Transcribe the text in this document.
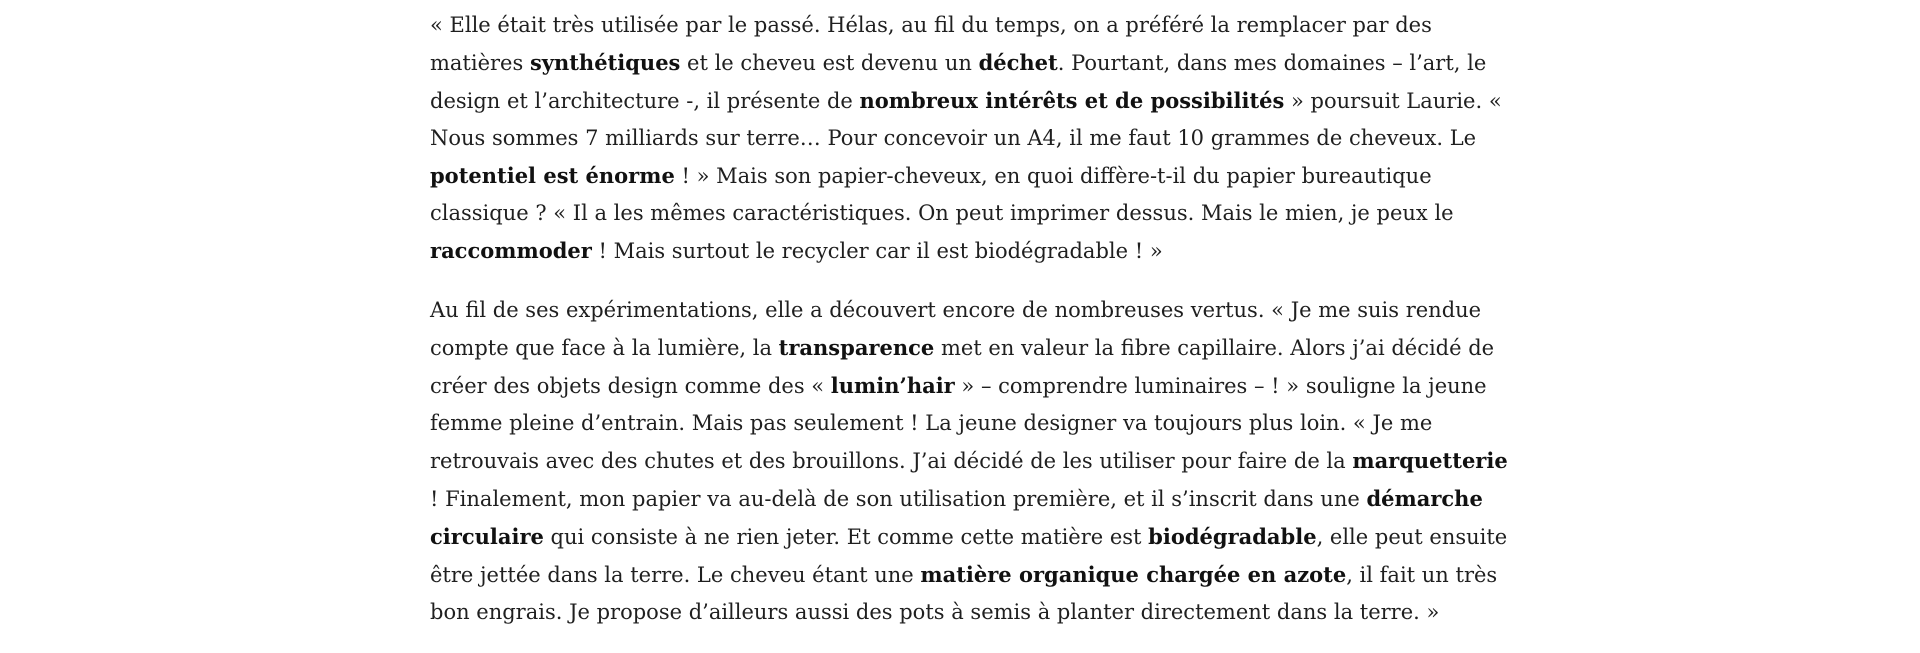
« Elle était très utilisée par le passé. Hélas, au fil du temps, on a préféré la remplacer par des matières synthétiques et le cheveu est devenu un déchet. Pourtant, dans mes domaines – l’art, le design et l’architecture -, il présente de nombreux intérêts et de possibilités » poursuit Laurie. « Nous sommes 7 milliards sur terre… Pour concevoir un A4, il me faut 10 grammes de cheveux. Le potentiel est énorme ! » Mais son papier-cheveux, en quoi diffère-t-il du papier bureautique classique ? « Il a les mêmes caractéristiques. On peut imprimer dessus. Mais le mien, je peux le raccommoder ! Mais surtout le recycler car il est biodégradable ! »

Au fil de ses expérimentations, elle a découvert encore de nombreuses vertus. « Je me suis rendue compte que face à la lumière, la transparence met en valeur la fibre capillaire. Alors j’ai décidé de créer des objets design comme des « lumin’hair » – comprendre luminaires – ! » souligne la jeune femme pleine d’entrain. Mais pas seulement ! La jeune designer va toujours plus loin. « Je me retrouvais avec des chutes et des brouillons. J’ai décidé de les utiliser pour faire de la marquetterie ! Finalement, mon papier va au-delà de son utilisation première, et il s’inscrit dans une démarche circulaire qui consiste à ne rien jeter. Et comme cette matière est biodégradable, elle peut ensuite être jettée dans la terre. Le cheveu étant une matière organique chargée en azote, il fait un très bon engrais. Je propose d’ailleurs aussi des pots à semis à planter directement dans la terre. »
